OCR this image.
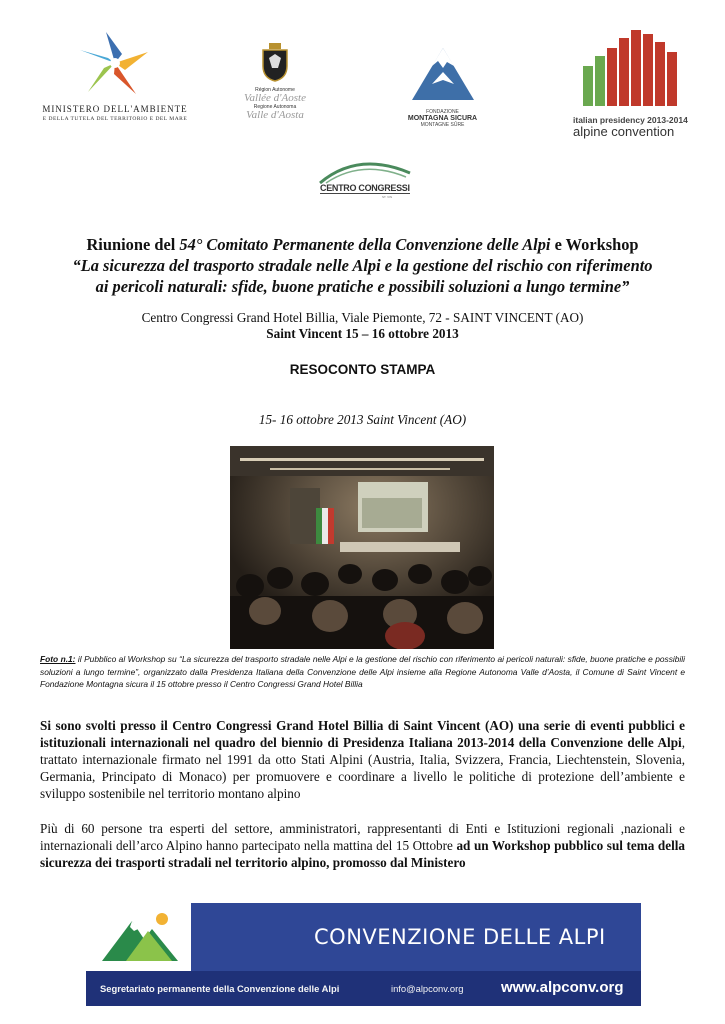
MINISTERO DELL'AMBIENTE
E DELLA TUTELA DEL TERRITORIO E DEL MARE
Région Autonome
Vallée d'Aoste
Regione Autonoma
Valle d'Aosta	FONDAZIONE
MONTAGNA SICURA
MONTAGNE SÛRE	italian presidency 2013-2014
alpine convention
CENTRO CONGRESSI
ST. VIN
Riunione del 54° Comitato Permanente della Convenzione delle Alpi e Workshop
“La sicurezza del trasporto stradale nelle Alpi e la gestione del rischio con riferimento
ai pericoli naturali: sfide, buone pratiche e possibili soluzioni a lungo termine”
Centro Congressi Grand Hotel Billia, Viale Piemonte, 72 - SAINT VINCENT (AO)
Saint Vincent 15 – 16 ottobre 2013
RESOCONTO STAMPA
15- 16 ottobre 2013 Saint Vincent (AO)
Foto n.1: il Pubblico al Workshop su “La sicurezza del trasporto stradale nelle Alpi e la gestione del rischio con riferimento ai pericoli naturali: sfide, buone pratiche e possibili soluzioni a lungo termine”, organizzato dalla Presidenza Italiana della Convenzione delle Alpi insieme alla Regione Autonoma Valle d’Aosta, il Comune di Saint Vincent e Fondazione Montagna sicura il 15 ottobre presso il Centro Congressi Grand Hotel Billia
Si sono svolti presso il Centro Congressi Grand Hotel Billia di Saint Vincent (AO) una serie di eventi pubblici e istituzionali internazionali nel quadro del biennio di Presidenza Italiana 2013-2014 della Convenzione delle Alpi, trattato internazionale firmato nel 1991 da otto Stati Alpini (Austria, Italia, Svizzera, Francia, Liechtenstein, Slovenia, Germania, Principato di Monaco) per promuovere e coordinare a livello le politiche di protezione dell’ambiente e sviluppo sostenibile nel territorio montano alpino
Più di 60 persone tra esperti del settore, amministratori, rappresentanti di Enti e Istituzioni regionali ,nazionali e internazionali dell’arco Alpino hanno partecipato nella mattina del 15 Ottobre ad un Workshop pubblico sul tema della sicurezza dei trasporti stradali nel territorio alpino, promosso dal Ministero
CONVENZIONE DELLE ALPI
Segretariato permanente della Convenzione delle Alpi	info@alpconv.org	www.alpconv.org
